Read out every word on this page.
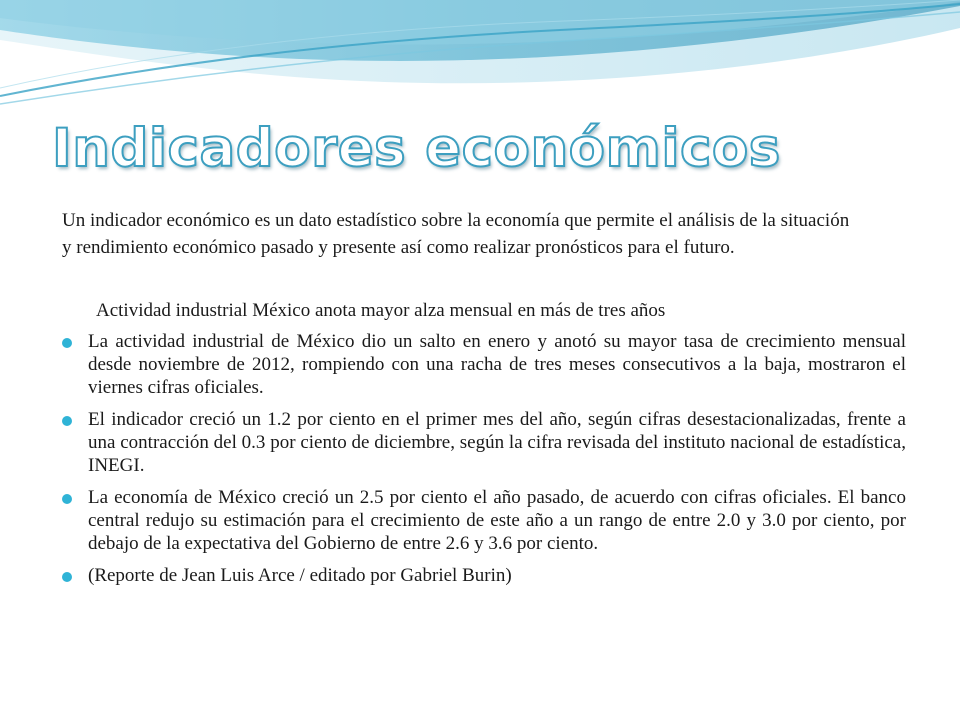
Indicadores económicos

Un indicador económico es un dato estadístico sobre la economía que permite el análisis de la situación y rendimiento económico pasado y presente así como realizar pronósticos para el futuro.

Actividad industrial México anota mayor alza mensual en más de tres años

La actividad industrial de México dio un salto en enero y anotó su mayor tasa de crecimiento mensual desde noviembre de 2012, rompiendo con una racha de tres meses consecutivos a la baja, mostraron el viernes cifras oficiales.
El indicador creció un 1.2 por ciento en el primer mes del año, según cifras desestacionalizadas, frente a una contracción del 0.3 por ciento de diciembre, según la cifra revisada del instituto nacional de estadística, INEGI.
La economía de México creció un 2.5 por ciento el año pasado, de acuerdo con cifras oficiales. El banco central redujo su estimación para el crecimiento de este año a un rango de entre 2.0 y 3.0 por ciento, por debajo de la expectativa del Gobierno de entre 2.6 y 3.6 por ciento.
(Reporte de Jean Luis Arce / editado por Gabriel Burin)
